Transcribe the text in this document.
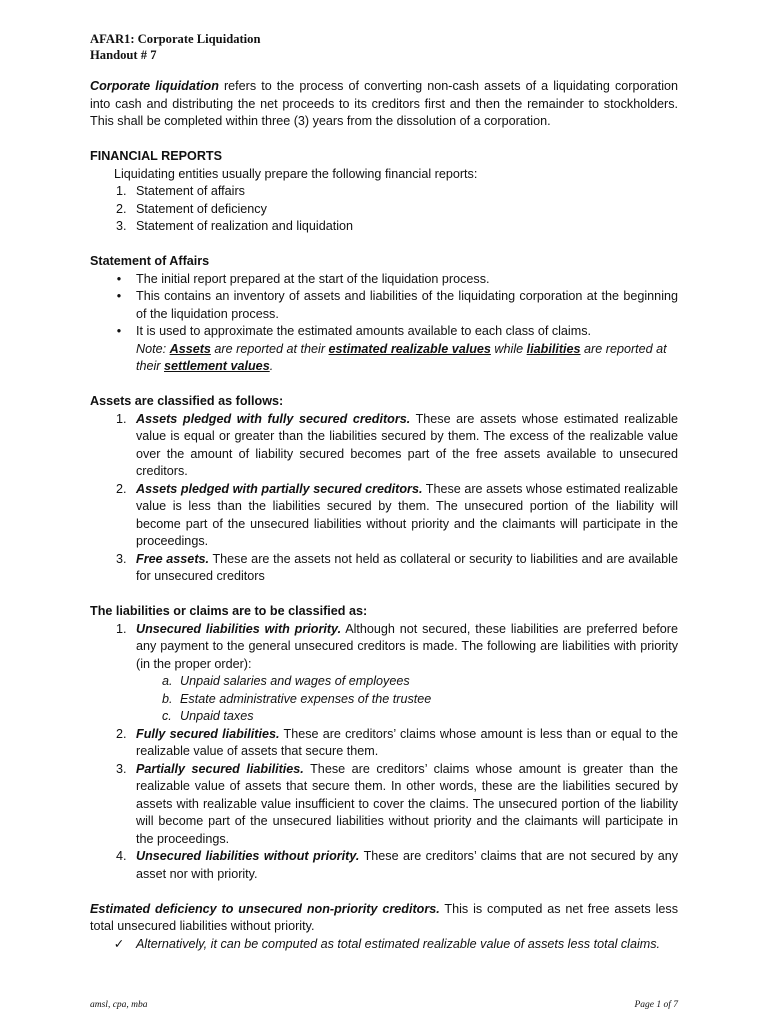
AFAR1: Corporate Liquidation
Handout # 7

Corporate liquidation refers to the process of converting non-cash assets of a liquidating corporation into cash and distributing the net proceeds to its creditors first and then the remainder to stockholders. This shall be completed within three (3) years from the dissolution of a corporation.

FINANCIAL REPORTS

Liquidating entities usually prepare the following financial reports:

1. Statement of affairs
2. Statement of deficiency
3. Statement of realization and liquidation

Statement of Affairs

•	The initial report prepared at the start of the liquidation process.
•	This contains an inventory of assets and liabilities of the liquidating corporation at the beginning of the liquidation process.
•	It is used to approximate the estimated amounts available to each class of claims.

Note: Assets are reported at their estimated realizable values while liabilities are reported at their settlement values.

Assets are classified as follows:

1. Assets pledged with fully secured creditors. These are assets whose estimated realizable value is equal or greater than the liabilities secured by them. The excess of the realizable value over the amount of liability secured becomes part of the free assets available to unsecured creditors.
2. Assets pledged with partially secured creditors. These are assets whose estimated realizable value is less than the liabilities secured by them. The unsecured portion of the liability will become part of the unsecured liabilities without priority and the claimants will participate in the proceedings.
3. Free assets. These are the assets not held as collateral or security to liabilities and are available for unsecured creditors

The liabilities or claims are to be classified as:

1. Unsecured liabilities with priority. Although not secured, these liabilities are preferred before any payment to the general unsecured creditors is made. The following are liabilities with priority (in the proper order):
a. Unpaid salaries and wages of employees
b. Estate administrative expenses of the trustee
c. Unpaid taxes
2. Fully secured liabilities. These are creditors’ claims whose amount is less than or equal to the realizable value of assets that secure them.
3. Partially secured liabilities. These are creditors’ claims whose amount is greater than the realizable value of assets that secure them. In other words, these are the liabilities secured by assets with realizable value insufficient to cover the claims. The unsecured portion of the liability will become part of the unsecured liabilities without priority and the claimants will participate in the proceedings.
4. Unsecured liabilities without priority. These are creditors’ claims that are not secured by any asset nor with priority.

Estimated deficiency to unsecured non-priority creditors. This is computed as net free assets less total unsecured liabilities without priority.

✓ Alternatively, it can be computed as total estimated realizable value of assets less total claims.
amsl, cpa, mba	Page 1 of 7
